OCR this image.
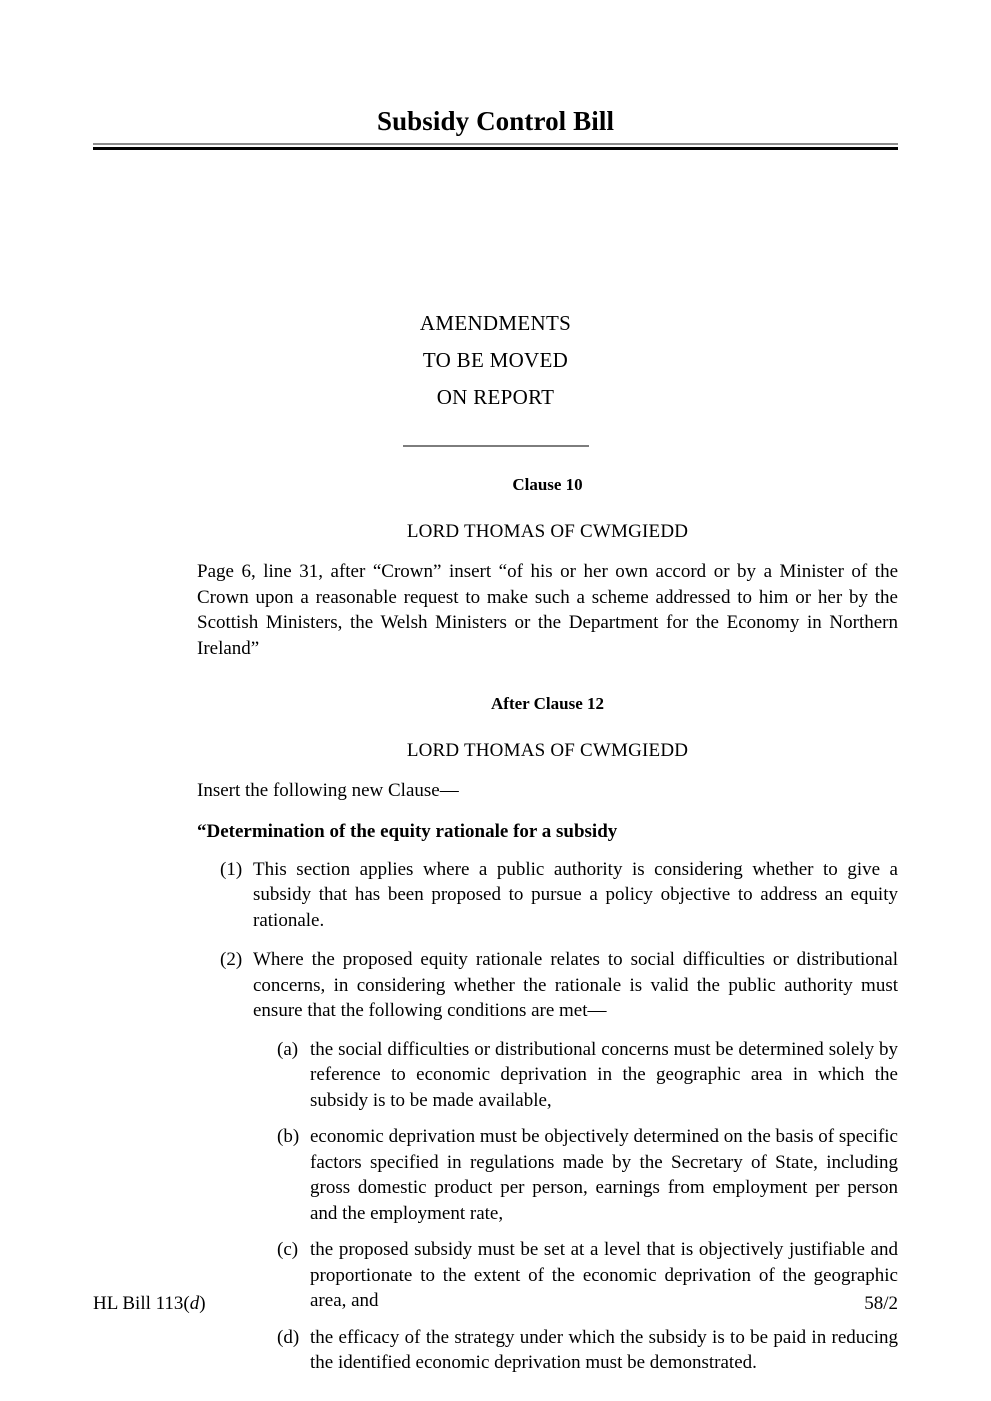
Subsidy Control Bill
AMENDMENTS
TO BE MOVED
ON REPORT
Clause 10
LORD THOMAS OF CWMGIEDD
Page 6, line 31, after “Crown” insert “of his or her own accord or by a Minister of the Crown upon a reasonable request to make such a scheme addressed to him or her by the Scottish Ministers, the Welsh Ministers or the Department for the Economy in Northern Ireland”
After Clause 12
LORD THOMAS OF CWMGIEDD
Insert the following new Clause—
“Determination of the equity rationale for a subsidy
(1) This section applies where a public authority is considering whether to give a subsidy that has been proposed to pursue a policy objective to address an equity rationale.
(2) Where the proposed equity rationale relates to social difficulties or distributional concerns, in considering whether the rationale is valid the public authority must ensure that the following conditions are met—
(a) the social difficulties or distributional concerns must be determined solely by reference to economic deprivation in the geographic area in which the subsidy is to be made available,
(b) economic deprivation must be objectively determined on the basis of specific factors specified in regulations made by the Secretary of State, including gross domestic product per person, earnings from employment per person and the employment rate,
(c) the proposed subsidy must be set at a level that is objectively justifiable and proportionate to the extent of the economic deprivation of the geographic area, and
(d) the efficacy of the strategy under which the subsidy is to be paid in reducing the identified economic deprivation must be demonstrated.
HL Bill 113(d)	58/2
